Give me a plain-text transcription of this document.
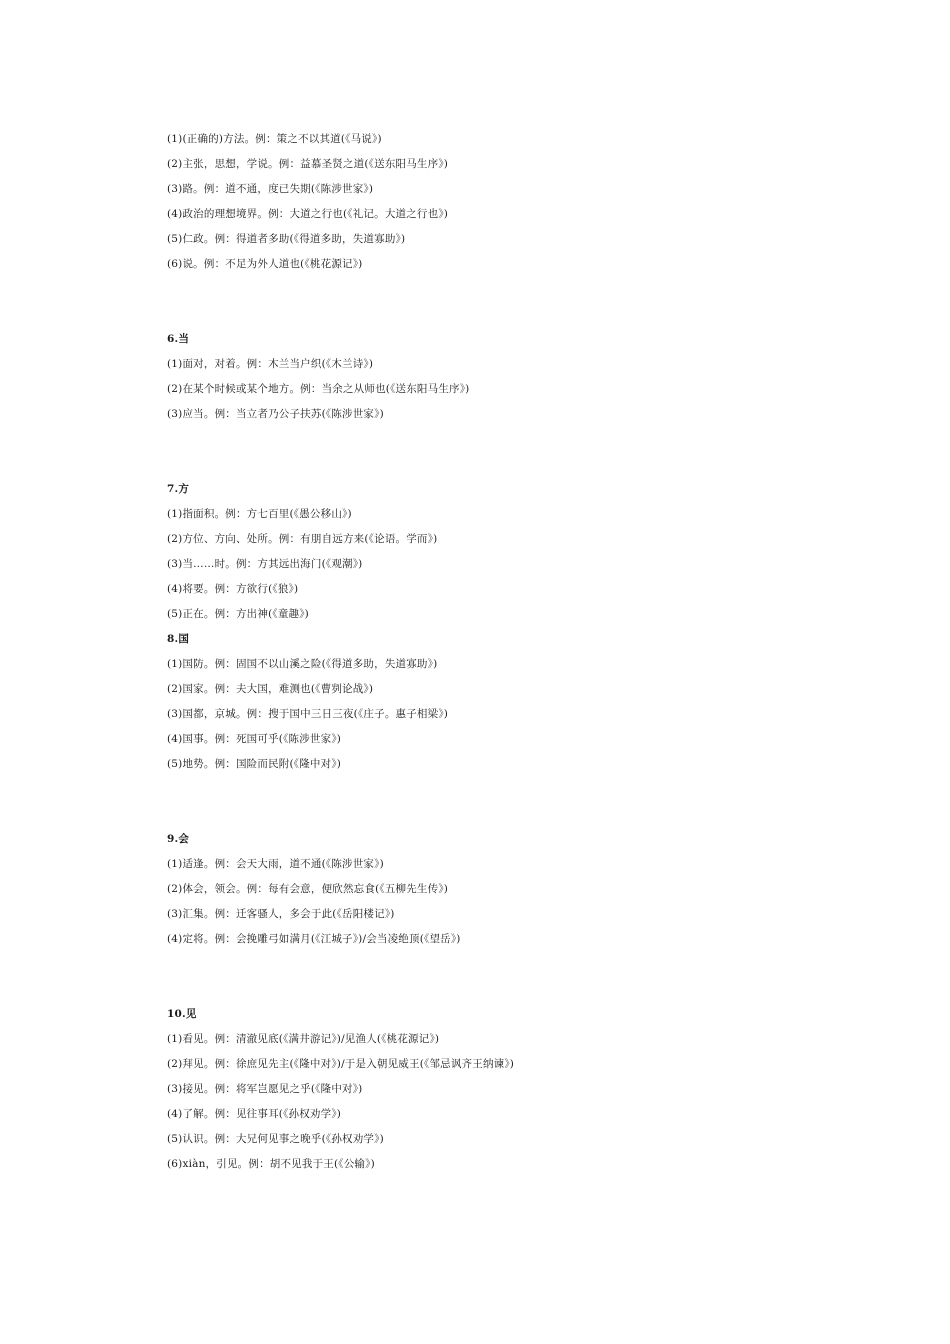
(1)(正确的)方法。例：策之不以其道(《马说》)
(2)主张，思想，学说。例：益慕圣贤之道(《送东阳马生序》)
(3)路。例：道不通，度已失期(《陈涉世家》)
(4)政治的理想境界。例：大道之行也(《礼记。大道之行也》)
(5)仁政。例：得道者多助(《得道多助，失道寡助》)
(6)说。例：不足为外人道也(《桃花源记》)
6.当
(1)面对，对着。例：木兰当户织(《木兰诗》)
(2)在某个时候或某个地方。例：当余之从师也(《送东阳马生序》)
(3)应当。例：当立者乃公子扶苏(《陈涉世家》)
7.方
(1)指面积。例：方七百里(《愚公移山》)
(2)方位、方向、处所。例：有朋自远方来(《论语。学而》)
(3)当……时。例：方其远出海门(《观潮》)
(4)将要。例：方欲行(《狼》)
(5)正在。例：方出神(《童趣》)
8.国
(1)国防。例：固国不以山溪之险(《得道多助，失道寡助》)
(2)国家。例：夫大国，难测也(《曹刿论战》)
(3)国都，京城。例：搜于国中三日三夜(《庄子。惠子相梁》)
(4)国事。例：死国可乎(《陈涉世家》)
(5)地势。例：国险而民附(《隆中对》)
9.会
(1)适逢。例：会天大雨，道不通(《陈涉世家》)
(2)体会，领会。例：每有会意，便欣然忘食(《五柳先生传》)
(3)汇集。例：迁客骚人，多会于此(《岳阳楼记》)
(4)定将。例：会挽雕弓如满月(《江城子》)/会当凌绝顶(《望岳》)
10.见
(1)看见。例：清澈见底(《满井游记》)/见渔人(《桃花源记》)
(2)拜见。例：徐庶见先主(《隆中对》)/于是入朝见威王(《邹忌讽齐王纳谏》)
(3)接见。例：将军岂愿见之乎(《隆中对》)
(4)了解。例：见往事耳(《孙权劝学》)
(5)认识。例：大兄何见事之晚乎(《孙权劝学》)
(6)xiàn，引见。例：胡不见我于王(《公输》)
